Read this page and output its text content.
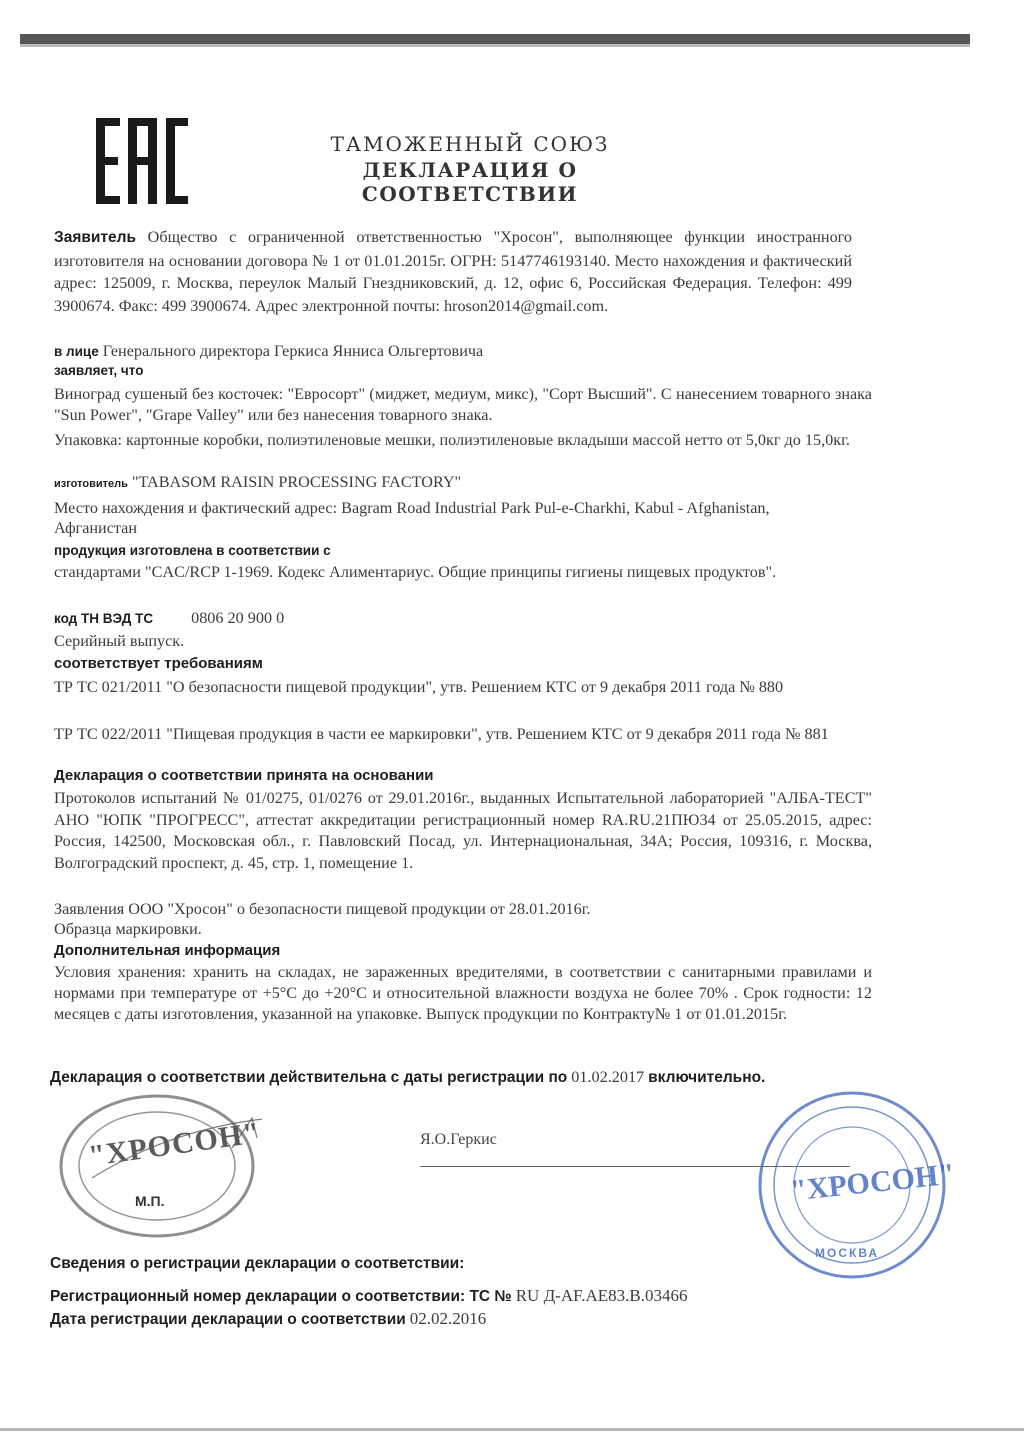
ТАМОЖЕННЫЙ СОЮЗ
ДЕКЛАРАЦИЯ О СООТВЕТСТВИИ

Заявитель Общество с ограниченной ответственностью "Хросон", выполняющее функции иностранного изготовителя на основании договора № 1 от 01.01.2015г. ОГРН: 5147746193140. Место нахождения и фактический адрес: 125009, г. Москва, переулок Малый Гнездниковский, д. 12, офис 6, Российская Федерация. Телефон: 499 3900674. Факс: 499 3900674. Адрес электронной почты: hroson2014@gmail.com.

в лице Генерального директора Геркиса Янниса Ольгертовича
заявляет, что

Виноград сушеный без косточек: "Евросорт" (миджет, медиум, микс), "Сорт Высший". С нанесением товарного знака "Sun Power", "Grape Valley" или без нанесения товарного знака.

Упаковка: картонные коробки, полиэтиленовые мешки, полиэтиленовые вкладыши массой нетто от 5,0кг до 15,0кг.

изготовитель "TABASOM RAISIN PROCESSING FACTORY"

Место нахождения и фактический адрес: Bagram Road Industrial Park Pul-e-Charkhi, Kabul - Afghanistan, Афганистан

продукция изготовлена в соответствии с

стандартами "CAC/RCP 1-1969. Кодекс Алиментариус. Общие принципы гигиены пищевых продуктов".

код ТН ВЭД ТС 0806 20 900 0
Серийный выпуск.
соответствует требованиям

ТР ТС 021/2011 "О безопасности пищевой продукции", утв. Решением КТС от 9 декабря 2011 года № 880

ТР ТС 022/2011 "Пищевая продукция в части ее маркировки", утв. Решением КТС от 9 декабря 2011 года № 881

Декларация о соответствии принята на основании

Протоколов испытаний № 01/0275, 01/0276 от 29.01.2016г., выданных Испытательной лабораторией "АЛБА-ТЕСТ" АНО "ЮПК "ПРОГРЕСС", аттестат аккредитации регистрационный номер RA.RU.21ПЮ34 от 25.05.2015, адрес: Россия, 142500, Московская обл., г. Павловский Посад, ул. Интернациональная, 34А; Россия, 109316, г. Москва, Волгоградский проспект, д. 45, стр. 1, помещение 1.

Заявления ООО "Хросон" о безопасности пищевой продукции от 28.01.2016г.
Образца маркировки.
Дополнительная информация

Условия хранения: хранить на складах, не зараженных вредителями, в соответствии с санитарными правилами и нормами при температуре от +5°С до +20°С и относительной влажности воздуха не более 70% . Срок годности: 12 месяцев с даты изготовления, указанной на упаковке. Выпуск продукции по Контракту№ 1 от 01.01.2015г.

Декларация о соответствии действительна с даты регистрации по 01.02.2017 включительно.
"ХРОСОН"
М.П.
Я.О.Геркис
"ХРОСОН"
МОСКВА
Сведения о регистрации декларации о соответствии:
Регистрационный номер декларации о соответствии: ТС № RU Д-AF.AE83.B.03466
Дата регистрации декларации о соответствии 02.02.2016
